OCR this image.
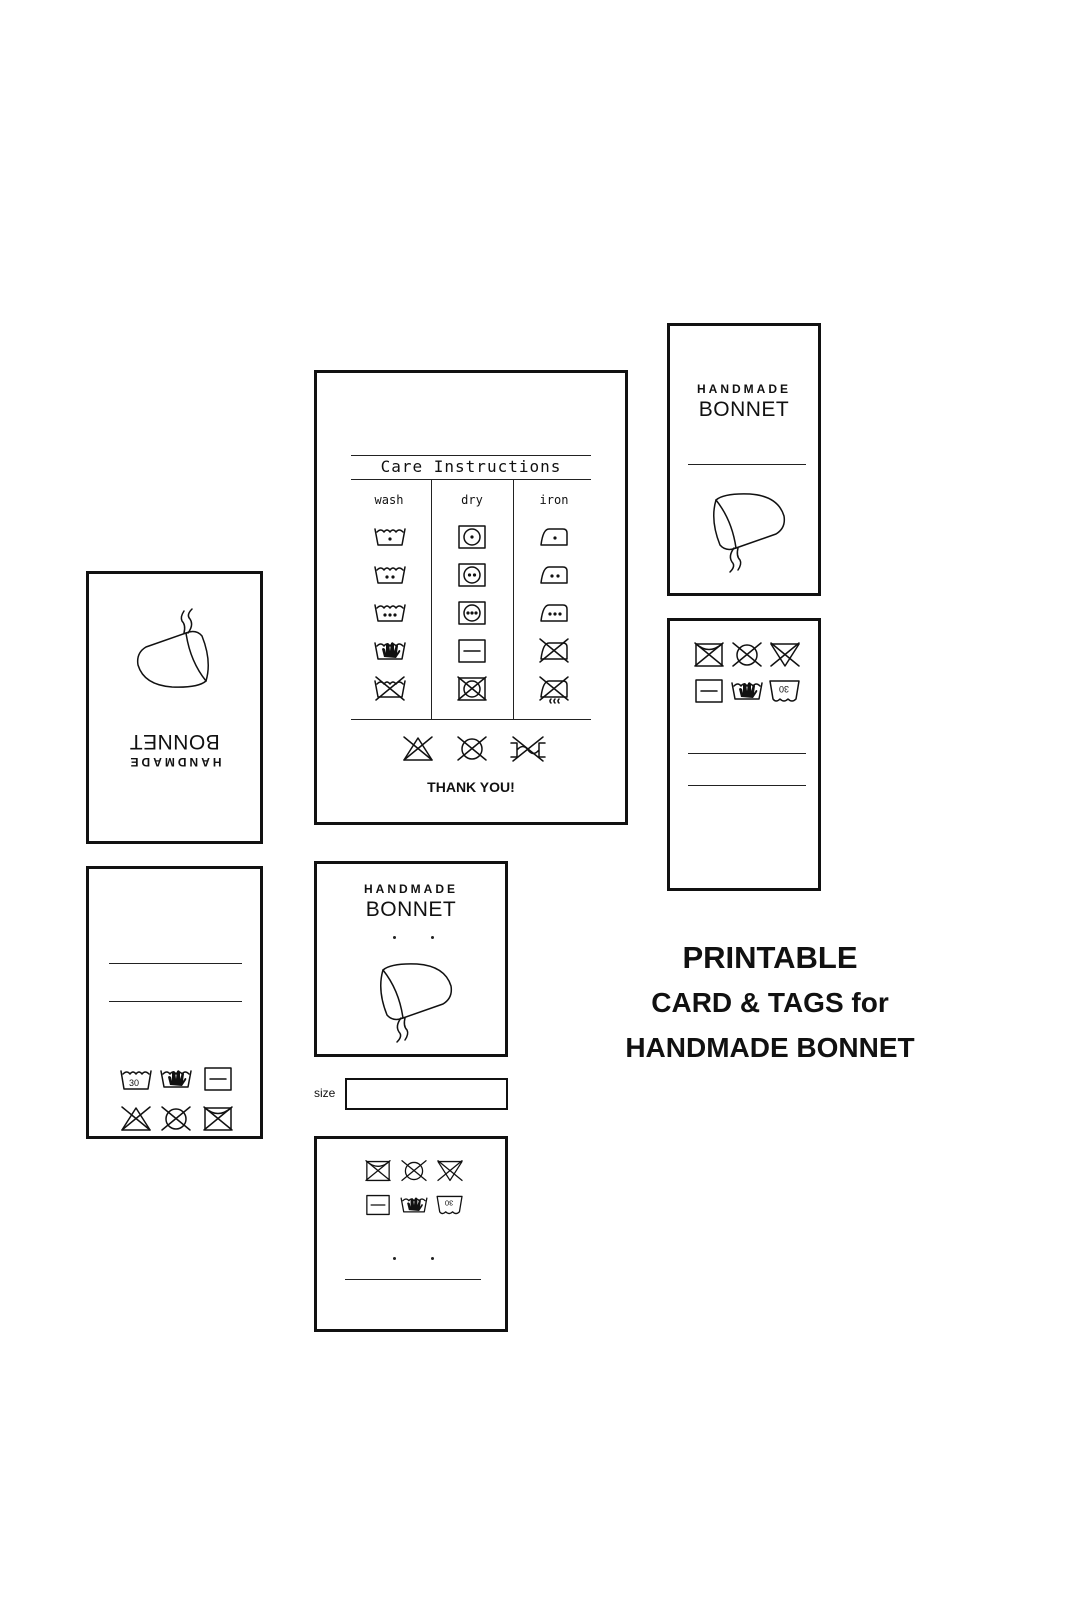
Care Instructions
wash	dry	iron
THANK YOU!
HANDMADE
BONNET
30
HANDMADE
BONNET
30
HANDMADE
BONNET
size
30
PRINTABLE
CARD & TAGS for
HANDMADE BONNET
